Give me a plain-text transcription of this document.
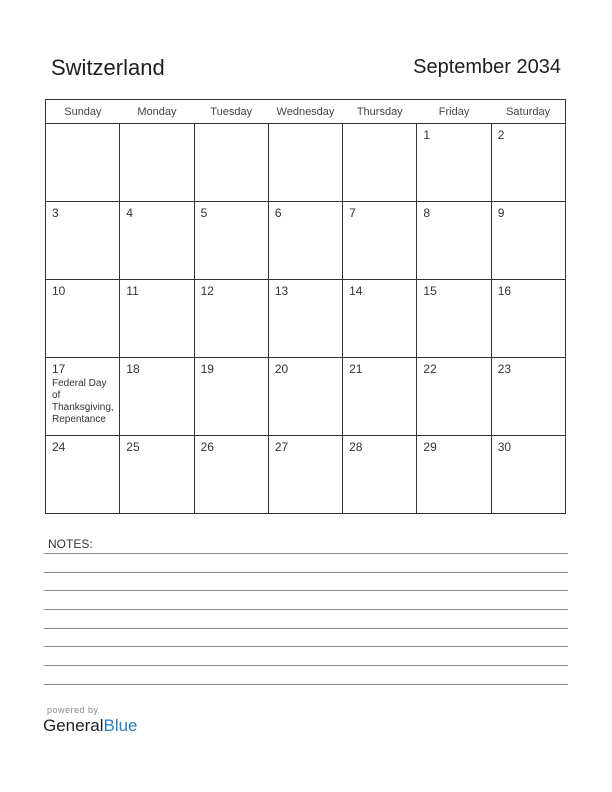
Switzerland	September 2034
Sunday	Monday	Tuesday	Wednesday	Thursday	Friday	Saturday

					1	2

3	4	5	6	7	8	9

10	11	12	13	14	15	16

17
Federal Day of Thanksgiving, Repentance	18	19	20	21	22	23

24	25	26	27	28	29	30
NOTES:
powered by
GeneralBlue
